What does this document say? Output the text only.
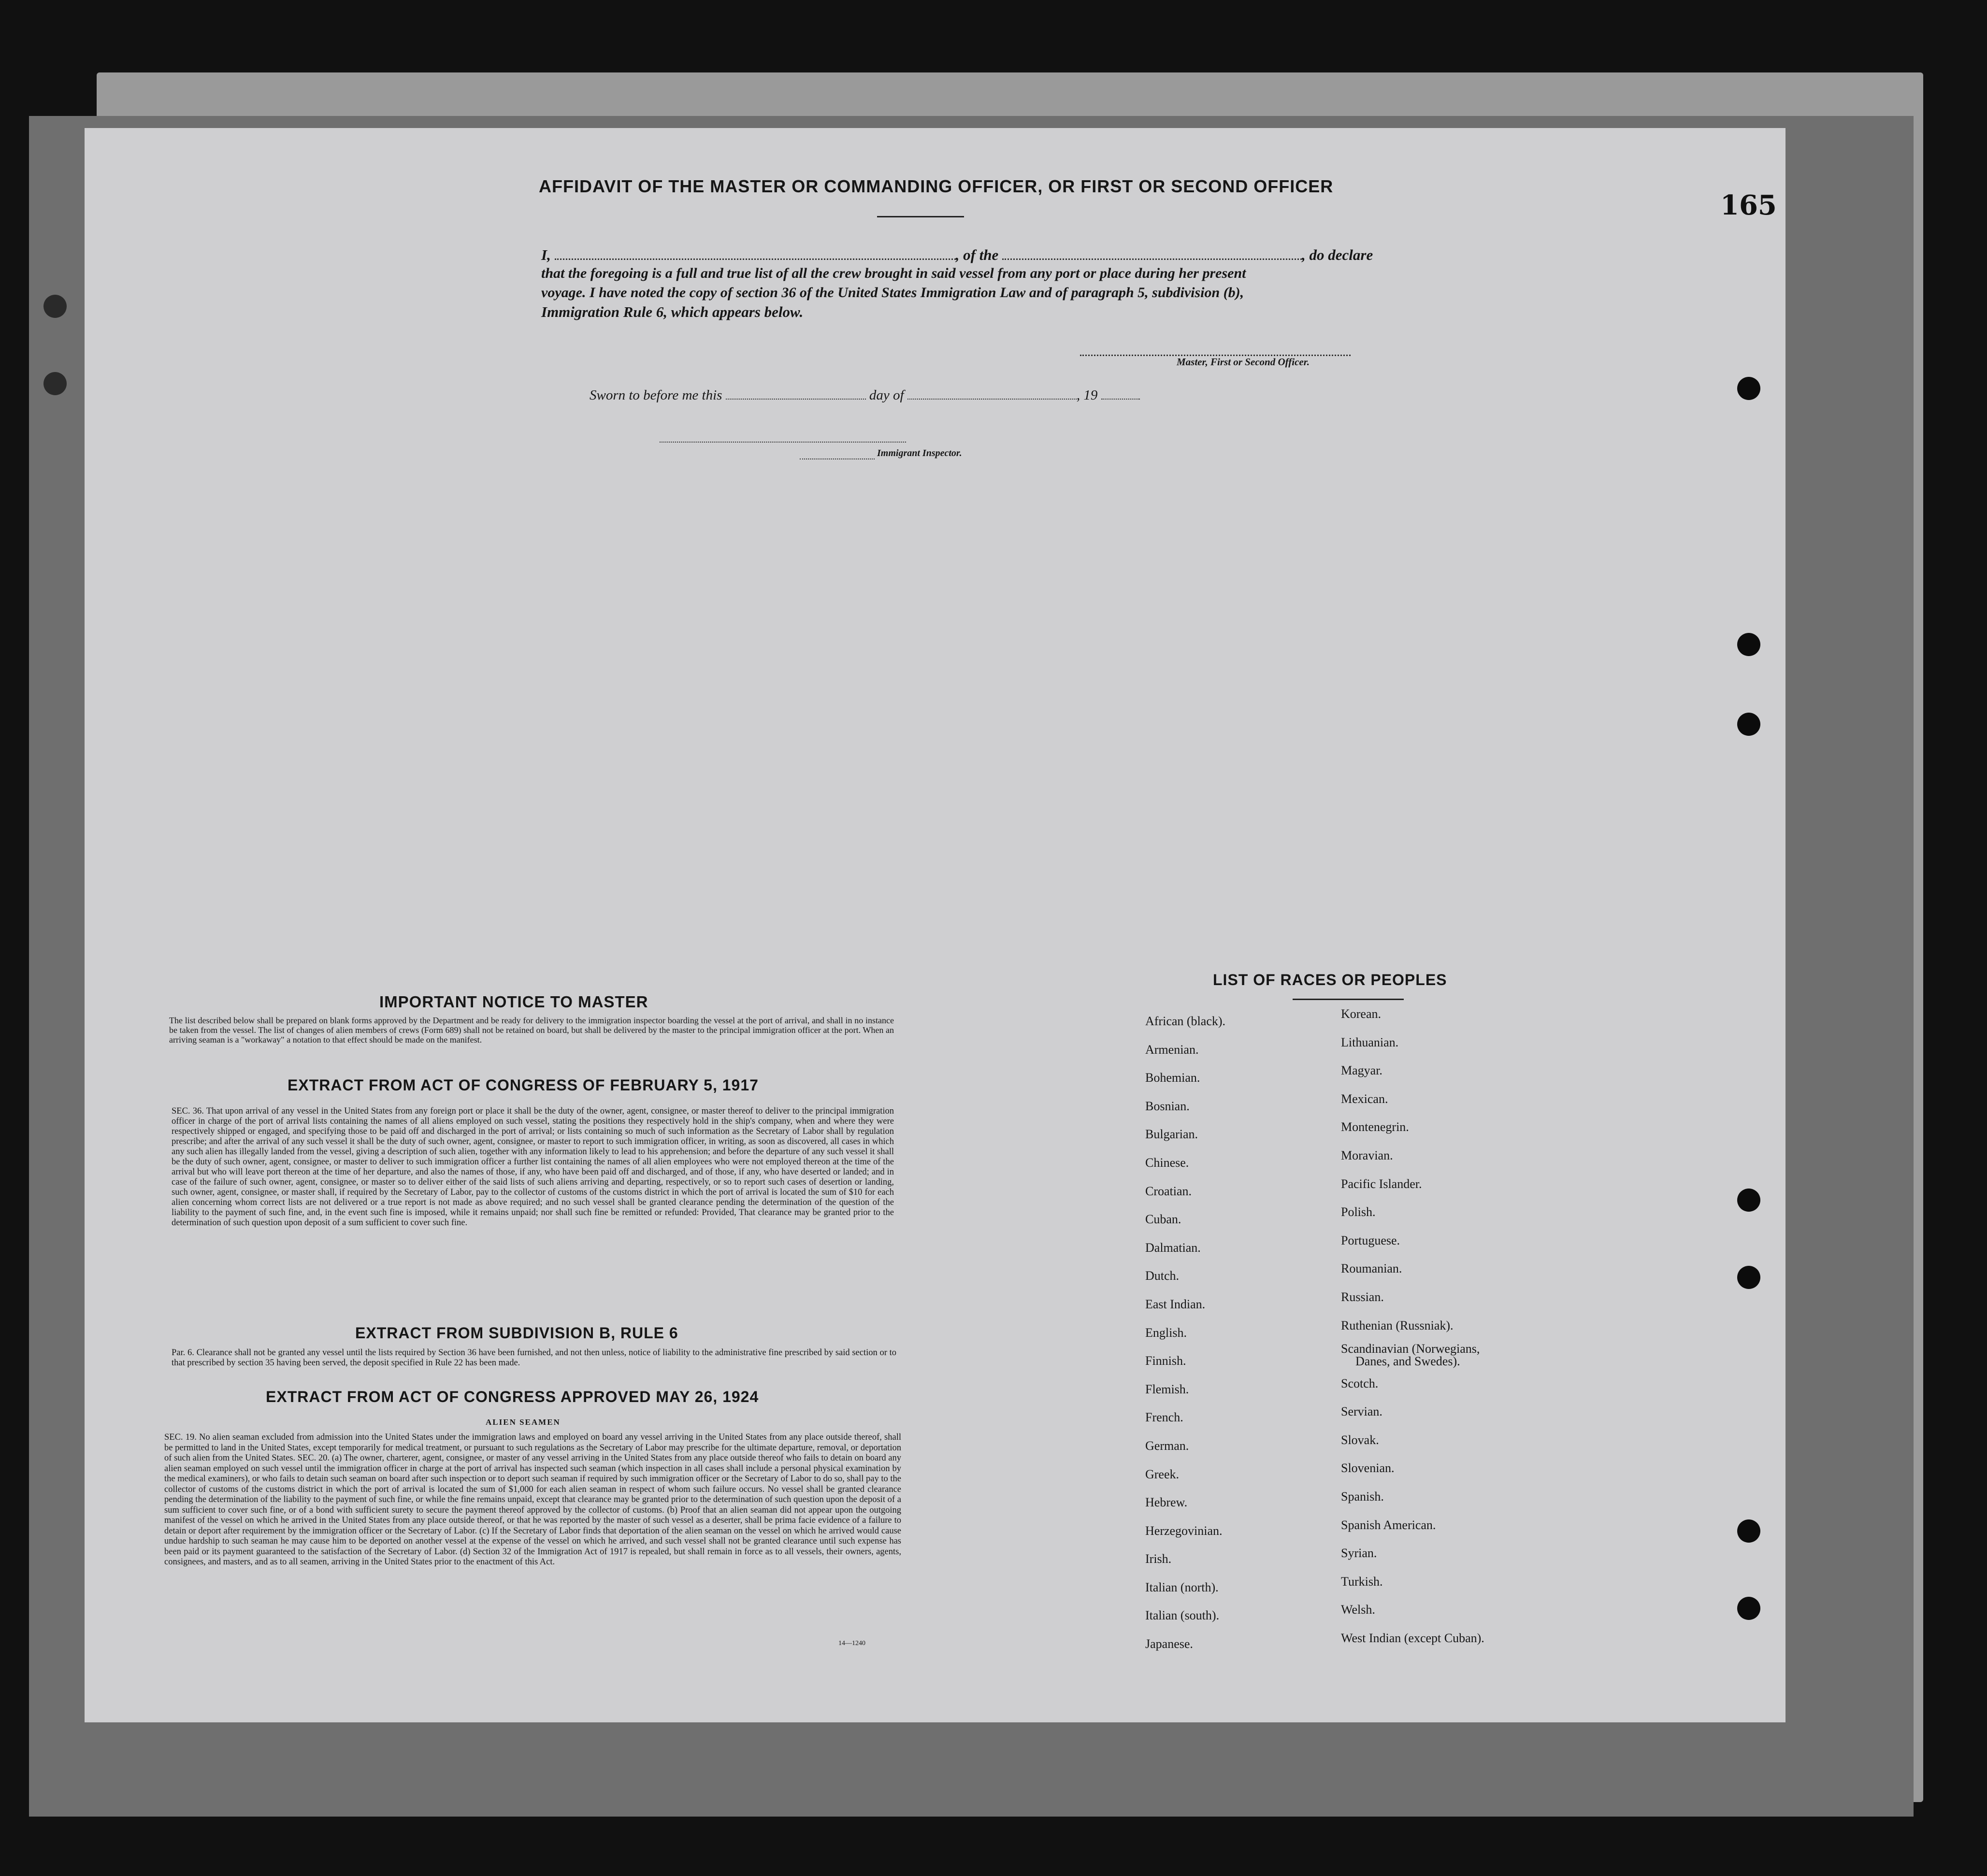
165
AFFIDAVIT OF THE MASTER OR COMMANDING OFFICER, OR FIRST OR SECOND OFFICER
I,	, of the	, do declare
that the foregoing is a full and true list of all the crew brought in said vessel from any port or place during her present
voyage. I have noted the copy of section 36 of the United States Immigration Law and of paragraph 5, subdivision (b),
Immigration Rule 6, which appears below.
Master, First or Second Officer.
Sworn to before me this	day of	, 19
Immigrant Inspector.
IMPORTANT NOTICE TO MASTER
The list described below shall be prepared on blank forms approved by the Department and be ready for delivery to the immigration inspector boarding the vessel at the port of arrival, and shall in no instance be taken from the vessel. The list of changes of alien members of crews (Form 689) shall not be retained on board, but shall be delivered by the master to the principal immigration officer at the port. When an arriving seaman is a "workaway" a notation to that effect should be made on the manifest.
EXTRACT FROM ACT OF CONGRESS OF FEBRUARY 5, 1917
SEC. 36. That upon arrival of any vessel in the United States from any foreign port or place it shall be the duty of the owner, agent, consignee, or master thereof to deliver to the principal immigration officer in charge of the port of arrival lists containing the names of all aliens employed on such vessel, stating the positions they respectively hold in the ship's company, when and where they were respectively shipped or engaged, and specifying those to be paid off and discharged in the port of arrival; or lists containing so much of such information as the Secretary of Labor shall by regulation prescribe; and after the arrival of any such vessel it shall be the duty of such owner, agent, consignee, or master to report to such immigration officer, in writing, as soon as discovered, all cases in which any such alien has illegally landed from the vessel, giving a description of such alien, together with any information likely to lead to his apprehension; and before the departure of any such vessel it shall be the duty of such owner, agent, consignee, or master to deliver to such immigration officer a further list containing the names of all alien employees who were not employed thereon at the time of the arrival but who will leave port thereon at the time of her departure, and also the names of those, if any, who have been paid off and discharged, and of those, if any, who have deserted or landed; and in case of the failure of such owner, agent, consignee, or master so to deliver either of the said lists of such aliens arriving and departing, respectively, or so to report such cases of desertion or landing, such owner, agent, consignee, or master shall, if required by the Secretary of Labor, pay to the collector of customs of the customs district in which the port of arrival is located the sum of $10 for each alien concerning whom correct lists are not delivered or a true report is not made as above required; and no such vessel shall be granted clearance pending the determination of the question of the liability to the payment of such fine, and, in the event such fine is imposed, while it remains unpaid; nor shall such fine be remitted or refunded: Provided, That clearance may be granted prior to the determination of such question upon deposit of a sum sufficient to cover such fine.
EXTRACT FROM SUBDIVISION B, RULE 6
Par. 6. Clearance shall not be granted any vessel until the lists required by Section 36 have been furnished, and not then unless, notice of liability to the administrative fine prescribed by said section or to that prescribed by section 35 having been served, the deposit specified in Rule 22 has been made.
EXTRACT FROM ACT OF CONGRESS APPROVED MAY 26, 1924
ALIEN SEAMEN
SEC. 19. No alien seaman excluded from admission into the United States under the immigration laws and employed on board any vessel arriving in the United States from any place outside thereof, shall be permitted to land in the United States, except temporarily for medical treatment, or pursuant to such regulations as the Secretary of Labor may prescribe for the ultimate departure, removal, or deportation of such alien from the United States. SEC. 20. (a) The owner, charterer, agent, consignee, or master of any vessel arriving in the United States from any place outside thereof who fails to detain on board any alien seaman employed on such vessel until the immigration officer in charge at the port of arrival has inspected such seaman (which inspection in all cases shall include a personal physical examination by the medical examiners), or who fails to detain such seaman on board after such inspection or to deport such seaman if required by such immigration officer or the Secretary of Labor to do so, shall pay to the collector of customs of the customs district in which the port of arrival is located the sum of $1,000 for each alien seaman in respect of whom such failure occurs. No vessel shall be granted clearance pending the determination of the liability to the payment of such fine, or while the fine remains unpaid, except that clearance may be granted prior to the determination of such question upon the deposit of a sum sufficient to cover such fine, or of a bond with sufficient surety to secure the payment thereof approved by the collector of customs. (b) Proof that an alien seaman did not appear upon the outgoing manifest of the vessel on which he arrived in the United States from any place outside thereof, or that he was reported by the master of such vessel as a deserter, shall be prima facie evidence of a failure to detain or deport after requirement by the immigration officer or the Secretary of Labor. (c) If the Secretary of Labor finds that deportation of the alien seaman on the vessel on which he arrived would cause undue hardship to such seaman he may cause him to be deported on another vessel at the expense of the vessel on which he arrived, and such vessel shall not be granted clearance until such expense has been paid or its payment guaranteed to the satisfaction of the Secretary of Labor. (d) Section 32 of the Immigration Act of 1917 is repealed, but shall remain in force as to all vessels, their owners, agents, consignees, and masters, and as to all seamen, arriving in the United States prior to the enactment of this Act.
14—1240
LIST OF RACES OR PEOPLES
African (black).
Armenian.
Bohemian.
Bosnian.
Bulgarian.
Chinese.
Croatian.
Cuban.
Dalmatian.
Dutch.
East Indian.
English.
Finnish.
Flemish.
French.
German.
Greek.
Hebrew.
Herzegovinian.
Irish.
Italian (north).
Italian (south).
Japanese.
Korean.
Lithuanian.
Magyar.
Mexican.
Montenegrin.
Moravian.
Pacific Islander.
Polish.
Portuguese.
Roumanian.
Russian.
Ruthenian (Russniak).
Scandinavian (Norwegians,
Danes, and Swedes).
Scotch.
Servian.
Slovak.
Slovenian.
Spanish.
Spanish American.
Syrian.
Turkish.
Welsh.
West Indian (except Cuban).
